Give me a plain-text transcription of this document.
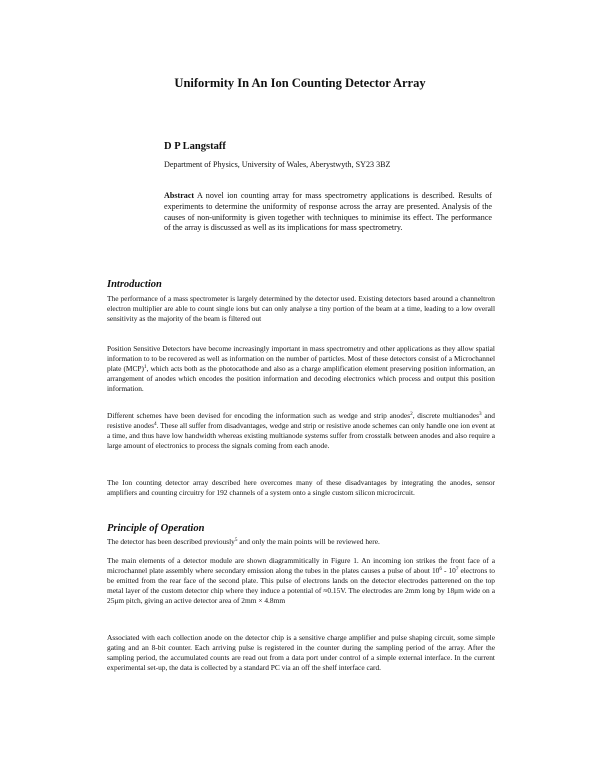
Uniformity In An Ion Counting Detector Array
D P Langstaff
Department of Physics, University of Wales, Aberystwyth, SY23 3BZ
Abstract A novel ion counting array for mass spectrometry applications is described. Results of experiments to determine the uniformity of response across the array are presented. Analysis of the causes of non-uniformity is given together with techniques to minimise its effect. The performance of the array is discussed as well as its implications for mass spectrometry.
Introduction
The performance of a mass spectrometer is largely determined by the detector used. Existing detectors based around a channeltron electron multiplier are able to count single ions but can only analyse a tiny portion of the beam at a time, leading to a low overall sensitivity as the majority of the beam is filtered out
Position Sensitive Detectors have become increasingly important in mass spectrometry and other applications as they allow spatial information to to be recovered as well as information on the number of particles. Most of these detectors consist of a Microchannel plate (MCP)$^1$, which acts both as the photocathode and also as a charge amplification element preserving position information, an arrangement of anodes which encodes the position information and decoding electronics which process and output this position information.
Different schemes have been devised for encoding the information such as wedge and strip anodes$^2$, discrete multianodes$^3$ and resistive anodes$^4$. These all suffer from disadvantages, wedge and strip or resistive anode schemes can only handle one ion event at a time, and thus have low handwidth whereas existing multianode systems suffer from crosstalk between anodes and also require a large amount of electronics to process the signals coming from each anode.
The Ion counting detector array described here overcomes many of these disadvantages by integrating the anodes, sensor amplifiers and counting circuitry for 192 channels of a system onto a single custom silicon microcircuit.
Principle of Operation
The detector has been described previously$^5$ and only the main points will be reviewed here.
The main elements of a detector module are shown diagrammitically in Figure 1. An incoming ion strikes the front face of a microchannel plate assembly where secondary emission along the tubes in the plates causes a pulse of about $10^6 - 10^7$ electrons to be emitted from the rear face of the second plate. This pulse of electrons lands on the detector electrodes patterened on the top metal layer of the custom detector chip where they induce a potential of ≈0.15V. The electrodes are 2mm long by 18μm wide on a 25μm pitch, giving an active detector area of 2mm × 4.8mm
Associated with each collection anode on the detector chip is a sensitive charge amplifier and pulse shaping circuit, some simple gating and an 8-bit counter. Each arriving pulse is registered in the counter during the sampling period of the array. After the sampling period, the accumulated counts are read out from a data port under control of a simple external interface. In the current experimental set-up, the data is collected by a standard PC via an off the shelf interface card.
